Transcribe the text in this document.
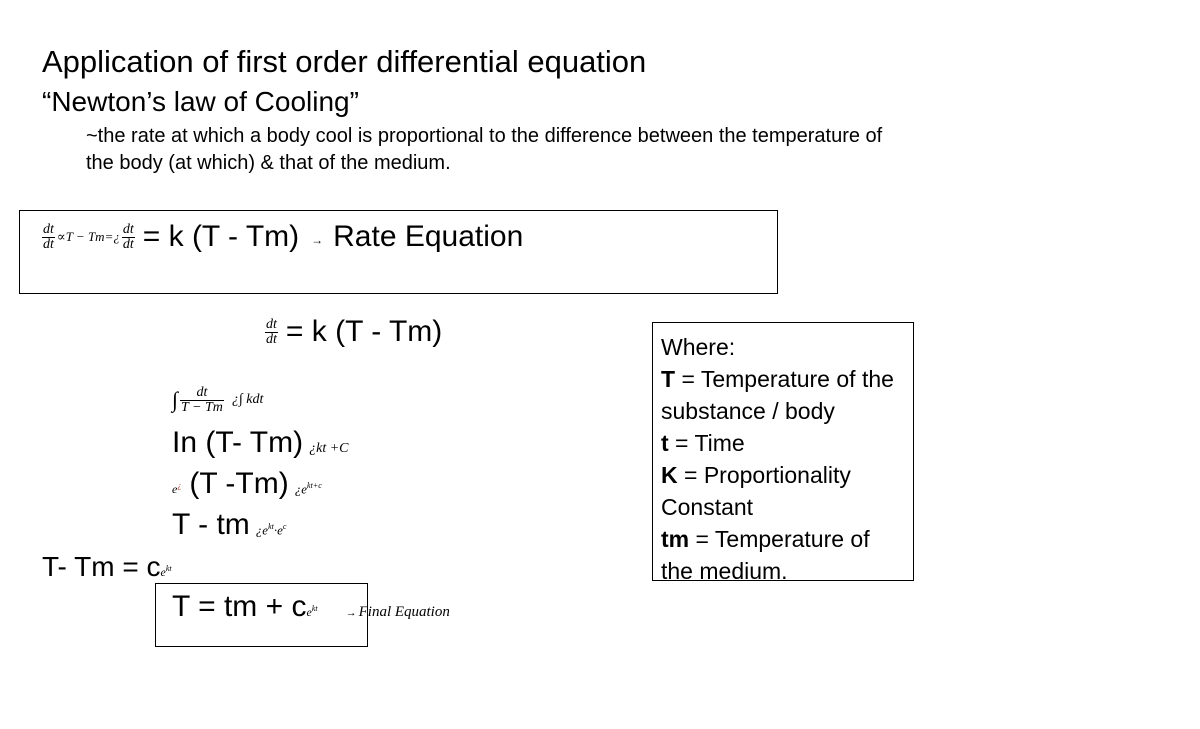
Application of first order differential equation
“Newton’s law of Cooling”
~the rate at which a body cool is proportional to the difference between the temperature of
the body (at which) & that of the medium.
$\frac{dt}{dt} \propto T$ − Tm=¿ $\frac{dt}{dt} = k$ (T - Tm) → Rate Equation
$\frac{dt}{dt} = k$ (T - Tm)
∫ $\frac{dt}{T - Tm}$ ¿∫ kdt
In (T- Tm) ¿kt +C
e¿ (T -Tm) ¿$e^{kt+c}$
T - tm ¿$e^{kt}\cdot e^c$
T- Tm = c $e^{kt}$
T = tm + c $e^{kt}$	→ Final Equation
Where:
T = Temperature of the substance / body
t = Time
K = Proportionality Constant
tm = Temperature of the medium.
